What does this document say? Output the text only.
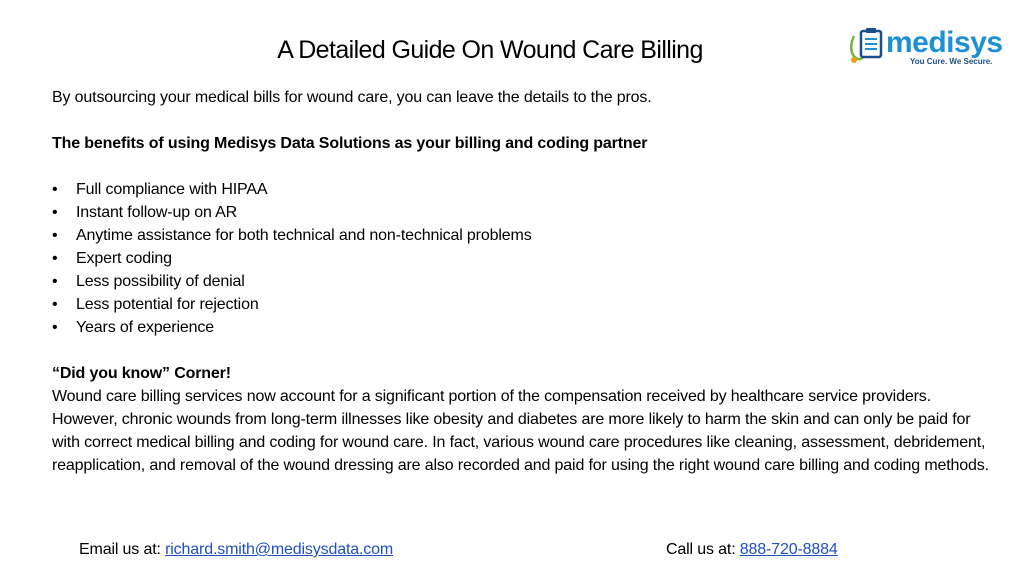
A Detailed Guide On Wound Care Billing	medisys
You Cure. We Secure.

By outsourcing your medical bills for wound care, you can leave the details to the pros.

The benefits of using Medisys Data Solutions as your billing and coding partner

• Full compliance with HIPAA
• Instant follow-up on AR
• Anytime assistance for both technical and non-technical problems
• Expert coding
• Less possibility of denial
• Less potential for rejection
• Years of experience

“Did you know” Corner!

Wound care billing services now account for a significant portion of the compensation received by healthcare service providers. However, chronic wounds from long-term illnesses like obesity and diabetes are more likely to harm the skin and can only be paid for with correct medical billing and coding for wound care. In fact, various wound care procedures like cleaning, assessment, debridement, reapplication, and removal of the wound dressing are also recorded and paid for using the right wound care billing and coding methods.

Email us at: richard.smith@medisysdata.com	Call us at: 888-720-8884
